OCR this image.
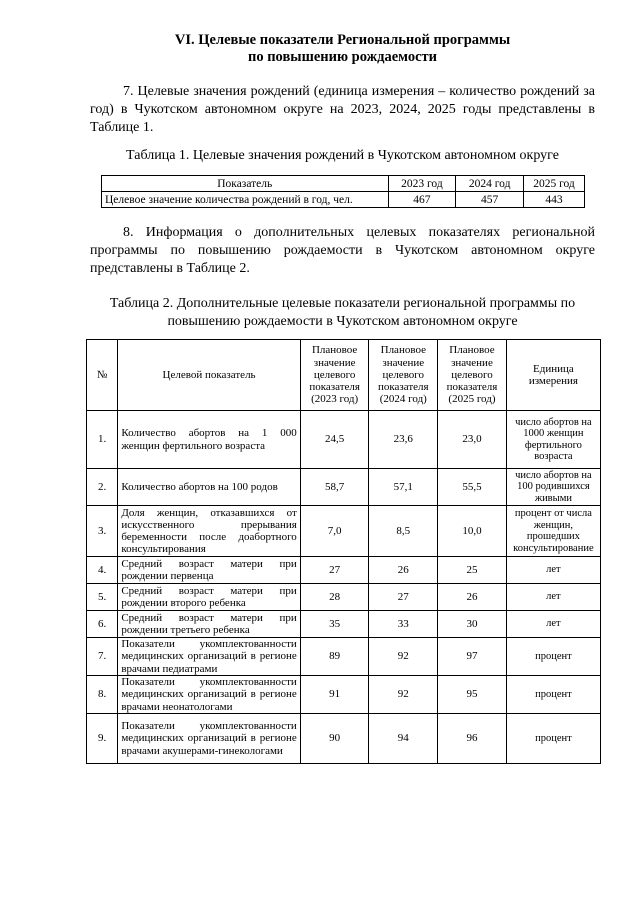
VI. Целевые показатели Региональной программы
по повышению рождаемости

7. Целевые значения рождений (единица измерения – количество рождений за год) в Чукотском автономном округе на 2023, 2024, 2025 годы представлены в Таблице 1.

Таблица 1. Целевые значения рождений в Чукотском автономном округе
Показатель	2023 год	2024 год	2025 год
Целевое значение количества рождений в год, чел.	467	457	443

8. Информация о дополнительных целевых показателях региональной программы по повышению рождаемости в Чукотском автономном округе представлены в Таблице 2.

Таблица 2. Дополнительные целевые показатели региональной программы по повышению рождаемости в Чукотском автономном округе
№	Целевой показатель	Плановое значение целевого показателя (2023 год)	Плановое значение целевого показателя (2024 год)	Плановое значение целевого показателя (2025 год)	Единица измерения
1.	Количество абортов на 1 000 женщин фертильного возраста	24,5	23,6	23,0	число абортов на 1000 женщин фертильного возраста
2.	Количество абортов на 100 родов	58,7	57,1	55,5	число абортов на 100 родившихся живыми
3.	Доля женщин, отказавшихся от искусственного прерывания беременности после доабортного консультирования	7,0	8,5	10,0	процент от числа женщин, прошедших консультирование
4.	Средний возраст матери при рождении первенца	27	26	25	лет
5.	Средний возраст матери при рождении второго ребенка	28	27	26	лет
6.	Средний возраст матери при рождении третьего ребенка	35	33	30	лет
7.	Показатели укомплектованности медицинских организаций в регионе врачами педиатрами	89	92	97	процент
8.	Показатели укомплектованности медицинских организаций в регионе врачами неонатологами	91	92	95	процент
9.	Показатели укомплектованности медицинских организаций в регионе врачами акушерами-гинекологами	90	94	96	процент
